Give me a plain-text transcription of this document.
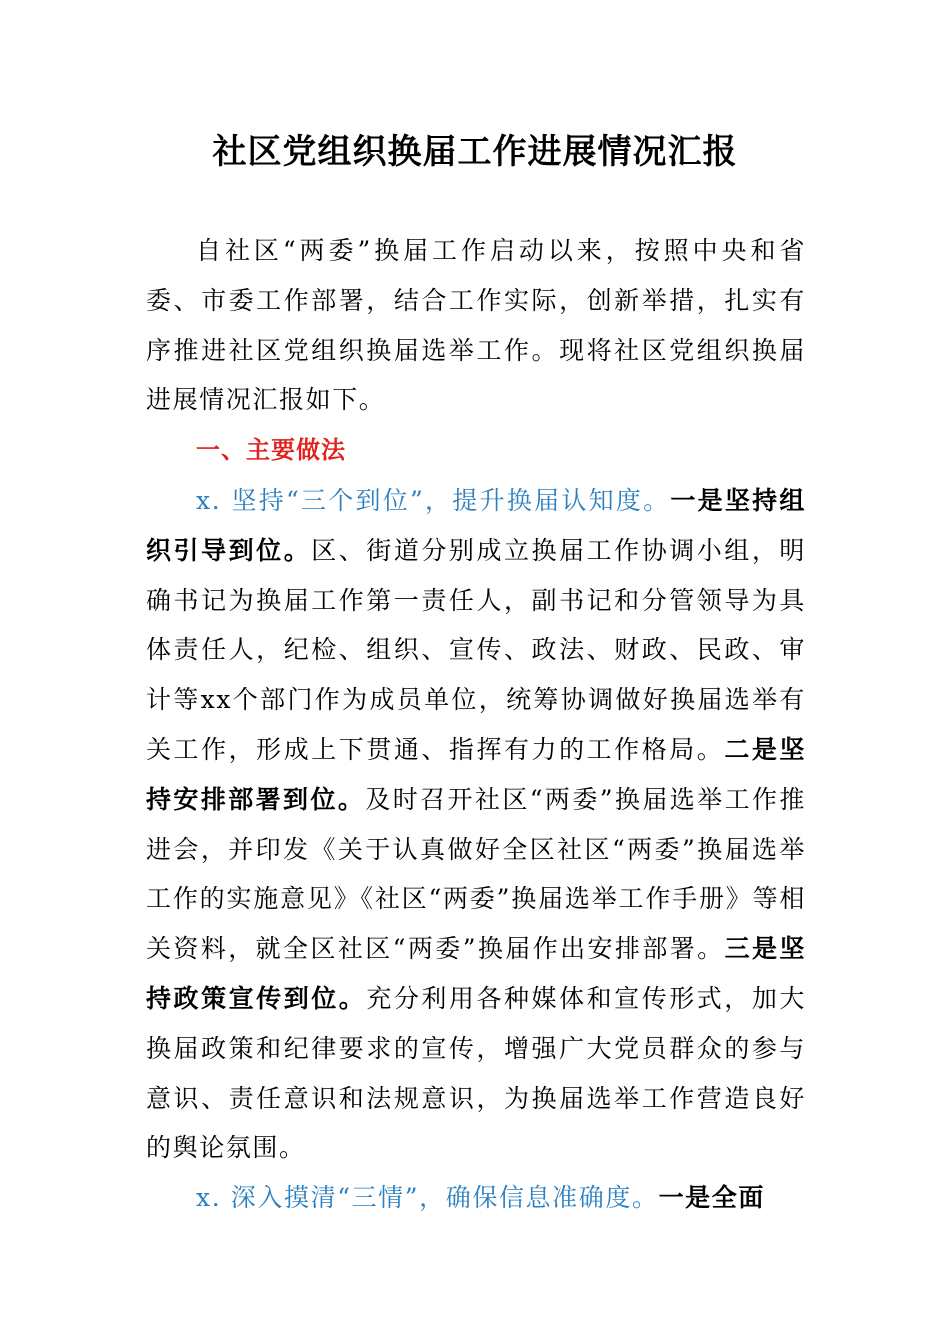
社区党组织换届工作进展情况汇报

自社区“两委”换届工作启动以来，按照中央和省委、市委工作部署，结合工作实际，创新举措，扎实有序推进社区党组织换届选举工作。现将社区党组织换届进展情况汇报如下。

一、主要做法

x. 坚持“三个到位”，提升换届认知度。一是坚持组织引导到位。区、街道分别成立换届工作协调小组，明确书记为换届工作第一责任人，副书记和分管领导为具体责任人，纪检、组织、宣传、政法、财政、民政、审计等xx个部门作为成员单位，统筹协调做好换届选举有关工作，形成上下贯通、指挥有力的工作格局。二是坚持安排部署到位。及时召开社区“两委”换届选举工作推进会，并印发《关于认真做好全区社区“两委”换届选举工作的实施意见》《社区“两委”换届选举工作手册》等相关资料，就全区社区“两委”换届作出安排部署。三是坚持政策宣传到位。充分利用各种媒体和宣传形式，加大换届政策和纪律要求的宣传，增强广大党员群众的参与意识、责任意识和法规意识，为换届选举工作营造良好的舆论氛围。

x. 深入摸清“三情”，确保信息准确度。一是全面
